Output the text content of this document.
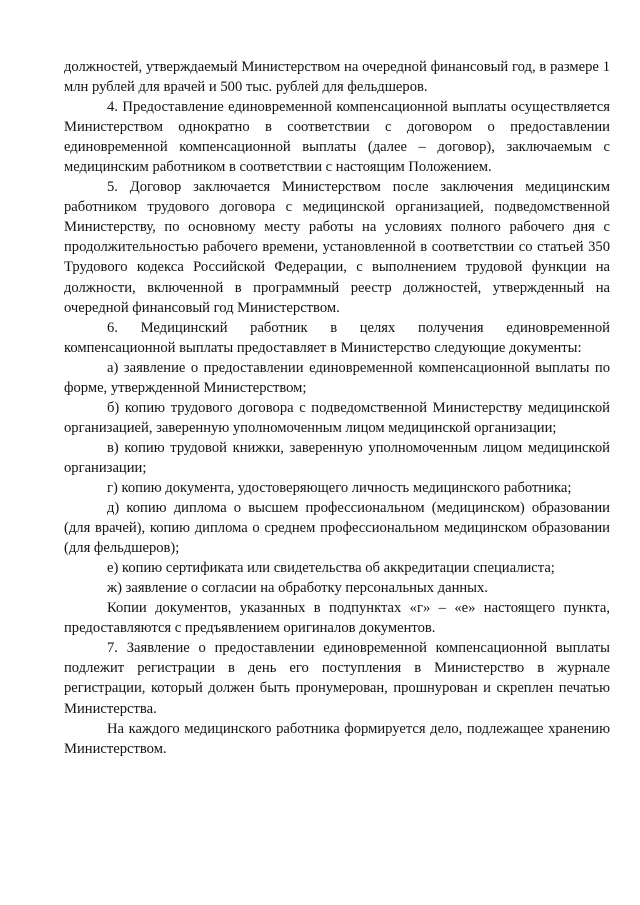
должностей, утверждаемый Министерством на очередной финансовый год, в размере 1 млн рублей для врачей и 500 тыс. рублей для фельдшеров.

4. Предоставление единовременной компенсационной выплаты осуществляется Министерством однократно в соответствии с договором о предоставлении единовременной компенсационной выплаты (далее – договор), заключаемым с медицинским работником в соответствии с настоящим Положением.

5. Договор заключается Министерством после заключения медицинским работником трудового договора с медицинской организацией, подведомственной Министерству, по основному месту работы на условиях полного рабочего дня с продолжительностью рабочего времени, установленной в соответствии со статьей 350 Трудового кодекса Российской Федерации, с выполнением трудовой функции на должности, включенной в программный реестр должностей, утвержденный на очередной финансовый год Министерством.

6. Медицинский работник в целях получения единовременной компенсационной выплаты предоставляет в Министерство следующие документы:

а) заявление о предоставлении единовременной компенсационной выплаты по форме, утвержденной Министерством;

б) копию трудового договора с подведомственной Министерству медицинской организацией, заверенную уполномоченным лицом медицинской организации;

в) копию трудовой книжки, заверенную уполномоченным лицом медицинской организации;

г) копию документа, удостоверяющего личность медицинского работника;

д) копию диплома о высшем профессиональном (медицинском) образовании (для врачей), копию диплома о среднем профессиональном медицинском образовании (для фельдшеров);

е) копию сертификата или свидетельства об аккредитации специалиста;

ж) заявление о согласии на обработку персональных данных.

Копии документов, указанных в подпунктах «г» – «е» настоящего пункта, предоставляются с предъявлением оригиналов документов.

7. Заявление о предоставлении единовременной компенсационной выплаты подлежит регистрации в день его поступления в Министерство в журнале регистрации, который должен быть пронумерован, прошнурован и скреплен печатью Министерства.

На каждого медицинского работника формируется дело, подлежащее хранению Министерством.
